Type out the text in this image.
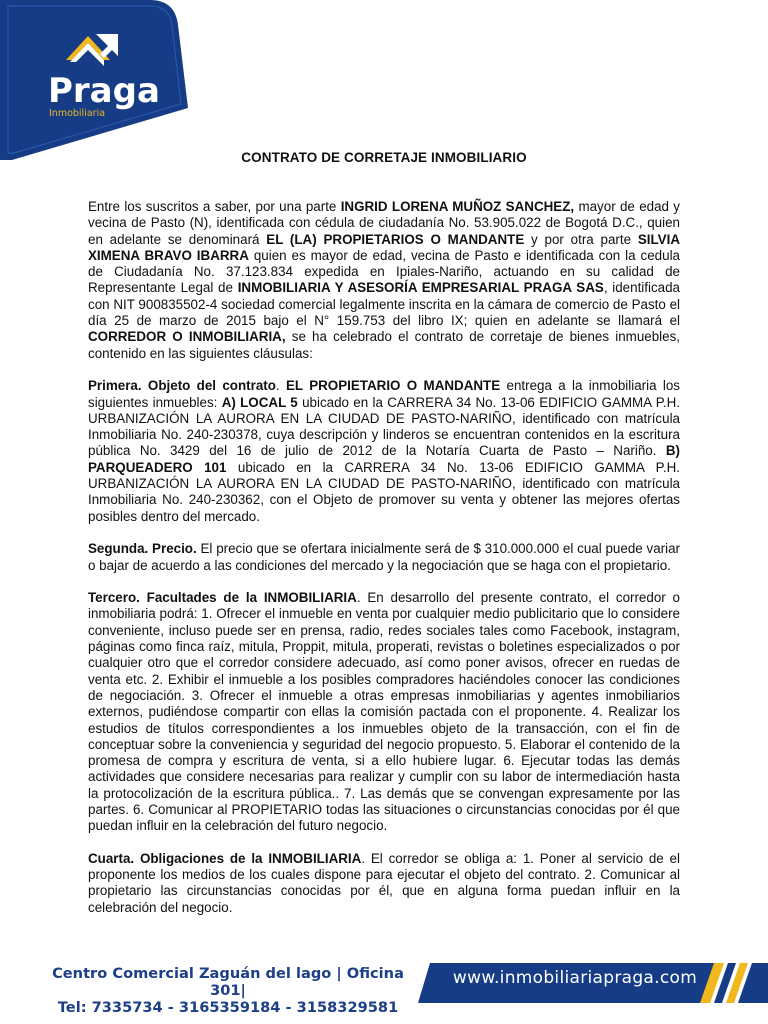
Praga
Inmobiliaria
CONTRATO DE CORRETAJE INMOBILIARIO

Entre los suscritos a saber, por una parte INGRID LORENA MUÑOZ SANCHEZ, mayor de edad y vecina de Pasto (N), identificada con cédula de ciudadanía No. 53.905.022 de Bogotá D.C., quien en adelante se denominará EL (LA) PROPIETARIOS O MANDANTE y por otra parte SILVIA XIMENA BRAVO IBARRA quien es mayor de edad, vecina de Pasto e identificada con la cedula de Ciudadanía No. 37.123.834 expedida en Ipiales-Nariño, actuando en su calidad de Representante Legal de INMOBILIARIA Y ASESORÍA EMPRESARIAL PRAGA SAS, identificada con NIT 900835502-4 sociedad comercial legalmente inscrita en la cámara de comercio de Pasto el día 25 de marzo de 2015 bajo el N° 159.753 del libro IX; quien en adelante se llamará el CORREDOR O INMOBILIARIA, se ha celebrado el contrato de corretaje de bienes inmuebles, contenido en las siguientes cláusulas:

Primera. Objeto del contrato. EL PROPIETARIO O MANDANTE entrega a la inmobiliaria los siguientes inmuebles: A) LOCAL 5 ubicado en la CARRERA 34 No. 13-06 EDIFICIO GAMMA P.H. URBANIZACIÓN LA AURORA EN LA CIUDAD DE PASTO-NARIÑO, identificado con matrícula Inmobiliaria No. 240-230378, cuya descripción y linderos se encuentran contenidos en la escritura pública No. 3429 del 16 de julio de 2012 de la Notaría Cuarta de Pasto – Nariño. B) PARQUEADERO 101 ubicado en la CARRERA 34 No. 13-06 EDIFICIO GAMMA P.H. URBANIZACIÓN LA AURORA EN LA CIUDAD DE PASTO-NARIÑO, identificado con matrícula Inmobiliaria No. 240-230362, con el Objeto de promover su venta y obtener las mejores ofertas posibles dentro del mercado.

Segunda. Precio. El precio que se ofertara inicialmente será de $ 310.000.000 el cual puede variar o bajar de acuerdo a las condiciones del mercado y la negociación que se haga con el propietario.

Tercero. Facultades de la INMOBILIARIA. En desarrollo del presente contrato, el corredor o inmobiliaria podrá: 1. Ofrecer el inmueble en venta por cualquier medio publicitario que lo considere conveniente, incluso puede ser en prensa, radio, redes sociales tales como Facebook, instagram, páginas como finca raíz, mitula, Proppit, mitula, properati, revistas o boletines especializados o por cualquier otro que el corredor considere adecuado, así como poner avisos, ofrecer en ruedas de venta etc. 2. Exhibir el inmueble a los posibles compradores haciéndoles conocer las condiciones de negociación. 3. Ofrecer el inmueble a otras empresas inmobiliarias y agentes inmobiliarios externos, pudiéndose compartir con ellas la comisión pactada con el proponente. 4. Realizar los estudios de títulos correspondientes a los inmuebles objeto de la transacción, con el fin de conceptuar sobre la conveniencia y seguridad del negocio propuesto. 5. Elaborar el contenido de la promesa de compra y escritura de venta, si a ello hubiere lugar. 6. Ejecutar todas las demás actividades que considere necesarias para realizar y cumplir con su labor de intermediación hasta la protocolización de la escritura pública.. 7. Las demás que se convengan expresamente por las partes. 6. Comunicar al PROPIETARIO todas las situaciones o circunstancias conocidas por él que puedan influir en la celebración del futuro negocio.

Cuarta. Obligaciones de la INMOBILIARIA. El corredor se obliga a: 1. Poner al servicio de el proponente los medios de los cuales dispone para ejecutar el objeto del contrato. 2. Comunicar al propietario las circunstancias conocidas por él, que en alguna forma puedan influir en la celebración del negocio.

Centro Comercial Zaguán del lago | Oficina 301|
Tel: 7335734 - 3165359184 - 3158329581
www.inmobiliariapraga.com
